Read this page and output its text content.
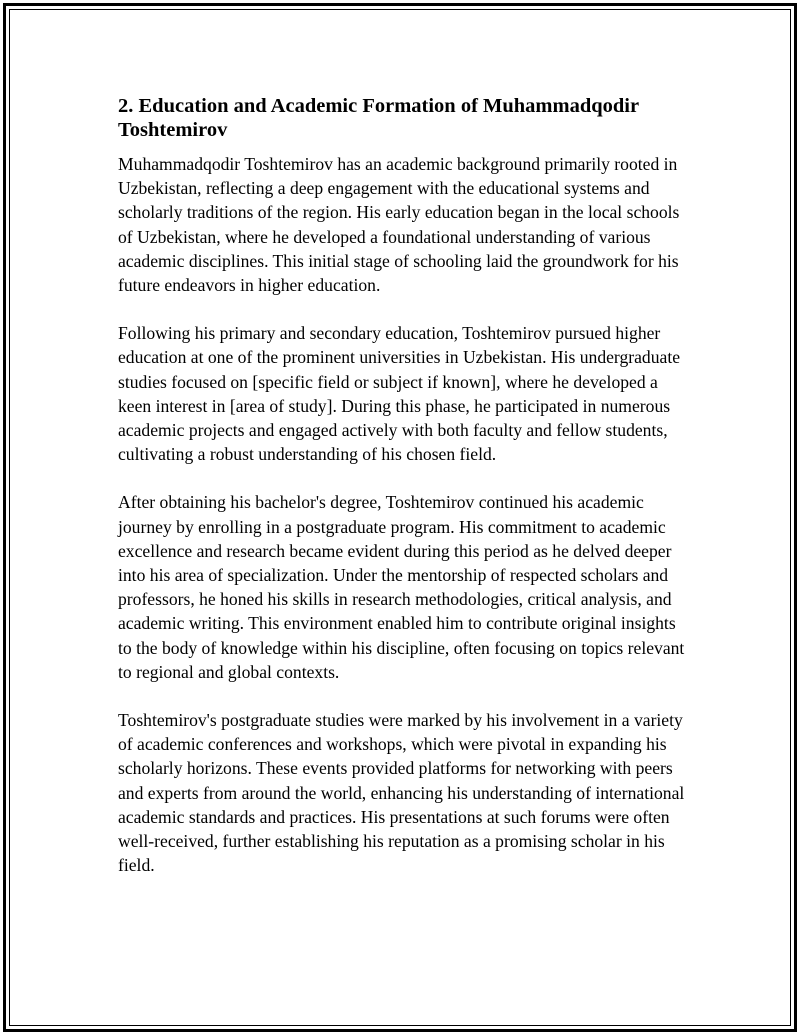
2. Education and Academic Formation of Muhammadqodir Toshtemirov

Muhammadqodir Toshtemirov has an academic background primarily rooted in Uzbekistan, reflecting a deep engagement with the educational systems and scholarly traditions of the region. His early education began in the local schools of Uzbekistan, where he developed a foundational understanding of various academic disciplines. This initial stage of schooling laid the groundwork for his future endeavors in higher education.

Following his primary and secondary education, Toshtemirov pursued higher education at one of the prominent universities in Uzbekistan. His undergraduate studies focused on [specific field or subject if known], where he developed a keen interest in [area of study]. During this phase, he participated in numerous academic projects and engaged actively with both faculty and fellow students, cultivating a robust understanding of his chosen field.

After obtaining his bachelor's degree, Toshtemirov continued his academic journey by enrolling in a postgraduate program. His commitment to academic excellence and research became evident during this period as he delved deeper into his area of specialization. Under the mentorship of respected scholars and professors, he honed his skills in research methodologies, critical analysis, and academic writing. This environment enabled him to contribute original insights to the body of knowledge within his discipline, often focusing on topics relevant to regional and global contexts.

Toshtemirov's postgraduate studies were marked by his involvement in a variety of academic conferences and workshops, which were pivotal in expanding his scholarly horizons. These events provided platforms for networking with peers and experts from around the world, enhancing his understanding of international academic standards and practices. His presentations at such forums were often well-received, further establishing his reputation as a promising scholar in his field.
